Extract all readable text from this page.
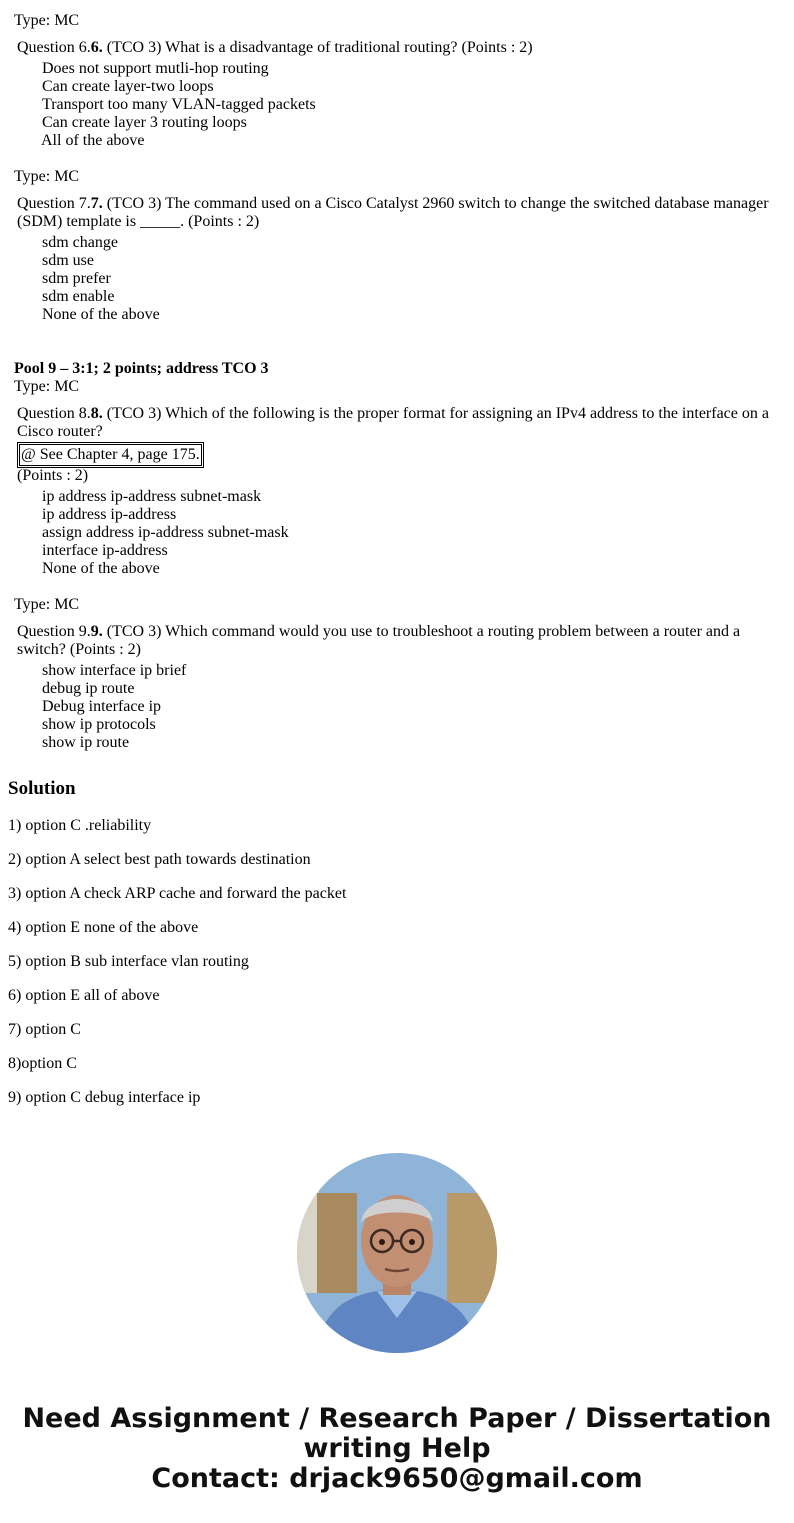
Type: MC
Question 6.6. (TCO 3) What is a disadvantage of traditional routing? (Points : 2)
Does not support mutli-hop routing
Can create layer-two loops
Transport too many VLAN-tagged packets
Can create layer 3 routing loops
All of the above
Type: MC
Question 7.7. (TCO 3) The command used on a Cisco Catalyst 2960 switch to change the switched database manager (SDM) template is _____. (Points : 2)
sdm change
sdm use
sdm prefer
sdm enable
None of the above
Pool 9 – 3:1; 2 points; address TCO 3
Type: MC
Question 8.8. (TCO 3) Which of the following is the proper format for assigning an IPv4 address to the interface on a Cisco router?
@ See Chapter 4, page 175.
(Points : 2)
ip address ip-address subnet-mask
ip address ip-address
assign address ip-address subnet-mask
interface ip-address
None of the above
Type: MC
Question 9.9. (TCO 3) Which command would you use to troubleshoot a routing problem between a router and a switch? (Points : 2)
show interface ip brief
debug ip route
Debug interface ip
show ip protocols
show ip route
Solution
1) option C .reliability
2) option A select best path towards destination
3) option A check ARP cache and forward the packet
4) option E none of the above
5) option B sub interface vlan routing
6) option E all of above
7) option C
8)option C
9) option C debug interface ip
Need Assignment / Research Paper / Dissertation
writing Help
Contact: drjack9650@gmail.com
